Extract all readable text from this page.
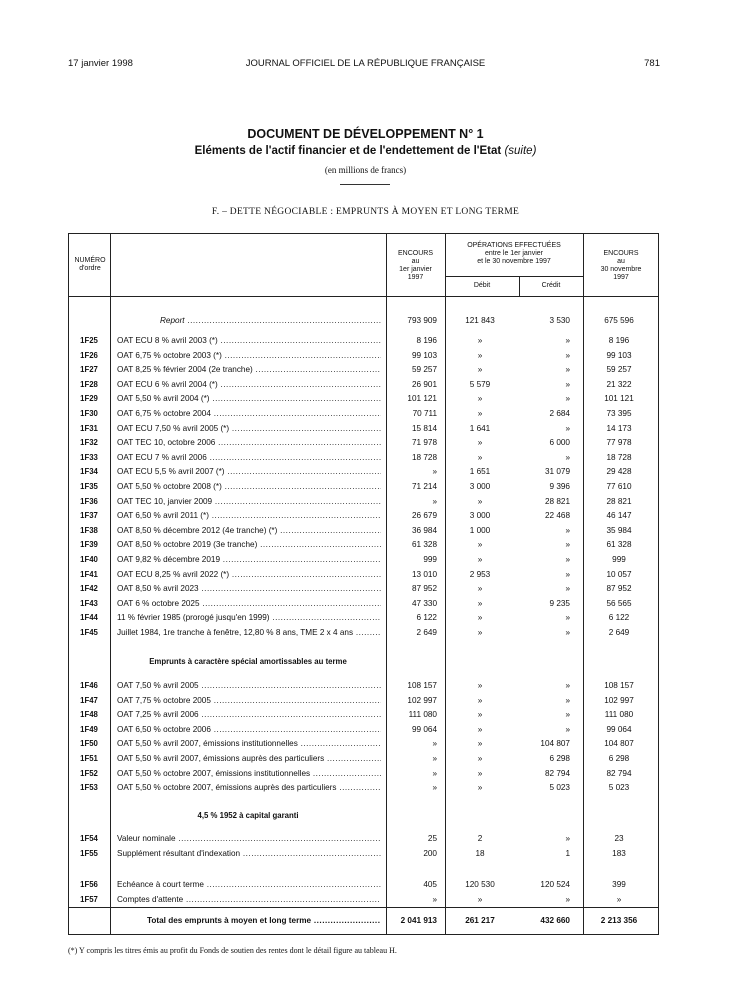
17 janvier 1998	JOURNAL OFFICIEL DE LA RÉPUBLIQUE FRANÇAISE	781
DOCUMENT DE DÉVELOPPEMENT N° 1
Eléments de l'actif financier et de l'endettement de l'Etat (suite)
(en millions de francs)
F. – DETTE NÉGOCIABLE : EMPRUNTS À MOYEN ET LONG TERME
NUMÉRO
d'ordre
ENCOURS
au
1er janvier
1997
OPÉRATIONS EFFECTUÉES
entre le 1er janvier
et le 30 novembre 1997
Débit	Crédit
ENCOURS
au
30 novembre
1997
Report .....	793 909	121 843	3 530	675 596
1F25	OAT ECU 8 % avril 2003 (*) .....	8 196	»	»	8 196
1F26	OAT 6,75 % octobre 2003 (*) .....	99 103	»	»	99 103
1F27	OAT 8,25 % février 2004 (2e tranche) .....	59 257	»	»	59 257
1F28	OAT ECU 6 % avril 2004 (*) .....	26 901	5 579	»	21 322
1F29	OAT 5,50 % avril 2004 (*) .....	101 121	»	»	101 121
1F30	OAT 6,75 % octobre 2004 .....	70 711	»	2 684	73 395
1F31	OAT ECU 7,50 % avril 2005 (*) .....	15 814	1 641	»	14 173
1F32	OAT TEC 10, octobre 2006 .....	71 978	»	6 000	77 978
1F33	OAT ECU 7 % avril 2006 .....	18 728	»	»	18 728
1F34	OAT ECU 5,5 % avril 2007 (*) .....	»	1 651	31 079	29 428
1F35	OAT 5,50 % octobre 2008 (*) .....	71 214	3 000	9 396	77 610
1F36	OAT TEC 10, janvier 2009 .....	»	»	28 821	28 821
1F37	OAT 6,50 % avril 2011 (*) .....	26 679	3 000	22 468	46 147
1F38	OAT 8,50 % décembre 2012 (4e tranche) (*) .....	36 984	1 000	»	35 984
1F39	OAT 8,50 % octobre 2019 (3e tranche) .....	61 328	»	»	61 328
1F40	OAT 9,82 % décembre 2019 .....	999	»	»	999
1F41	OAT ECU 8,25 % avril 2022 (*) .....	13 010	2 953	»	10 057
1F42	OAT 8,50 % avril 2023 .....	87 952	»	»	87 952
1F43	OAT 6 % octobre 2025 .....	47 330	»	9 235	56 565
1F44	11 % février 1985 (prorogé jusqu'en 1999) .....	6 122	»	»	6 122
1F45	Juillet 1984, 1re tranche à fenêtre, 12,80 % 8 ans, TME 2 x 4 ans .....	2 649	»	»	2 649
Emprunts à caractère spécial amortissables au terme
1F46	OAT 7,50 % avril 2005 .....	108 157	»	»	108 157
1F47	OAT 7,75 % octobre 2005 .....	102 997	»	»	102 997
1F48	OAT 7,25 % avril 2006 .....	111 080	»	»	111 080
1F49	OAT 6,50 % octobre 2006 .....	99 064	»	»	99 064
1F50	OAT 5,50 % avril 2007, émissions institutionnelles .....	»	»	104 807	104 807
1F51	OAT 5,50 % avril 2007, émissions auprès des particuliers .....	»	»	6 298	6 298
1F52	OAT 5,50 % octobre 2007, émissions institutionnelles .....	»	»	82 794	82 794
1F53	OAT 5,50 % octobre 2007, émissions auprès des particuliers .....	»	»	5 023	5 023
4,5 % 1952 à capital garanti
1F54	Valeur nominale .....	25	2	»	23
1F55	Supplément résultant d'indexation .....	200	18	1	183
1F56	Echéance à court terme .....	405	120 530	120 524	399
1F57	Comptes d'attente .....	»	»	»	»
Total des emprunts à moyen et long terme .....	2 041 913	261 217	432 660	2 213 356
(*) Y compris les titres émis au profit du Fonds de soutien des rentes dont le détail figure au tableau H.
